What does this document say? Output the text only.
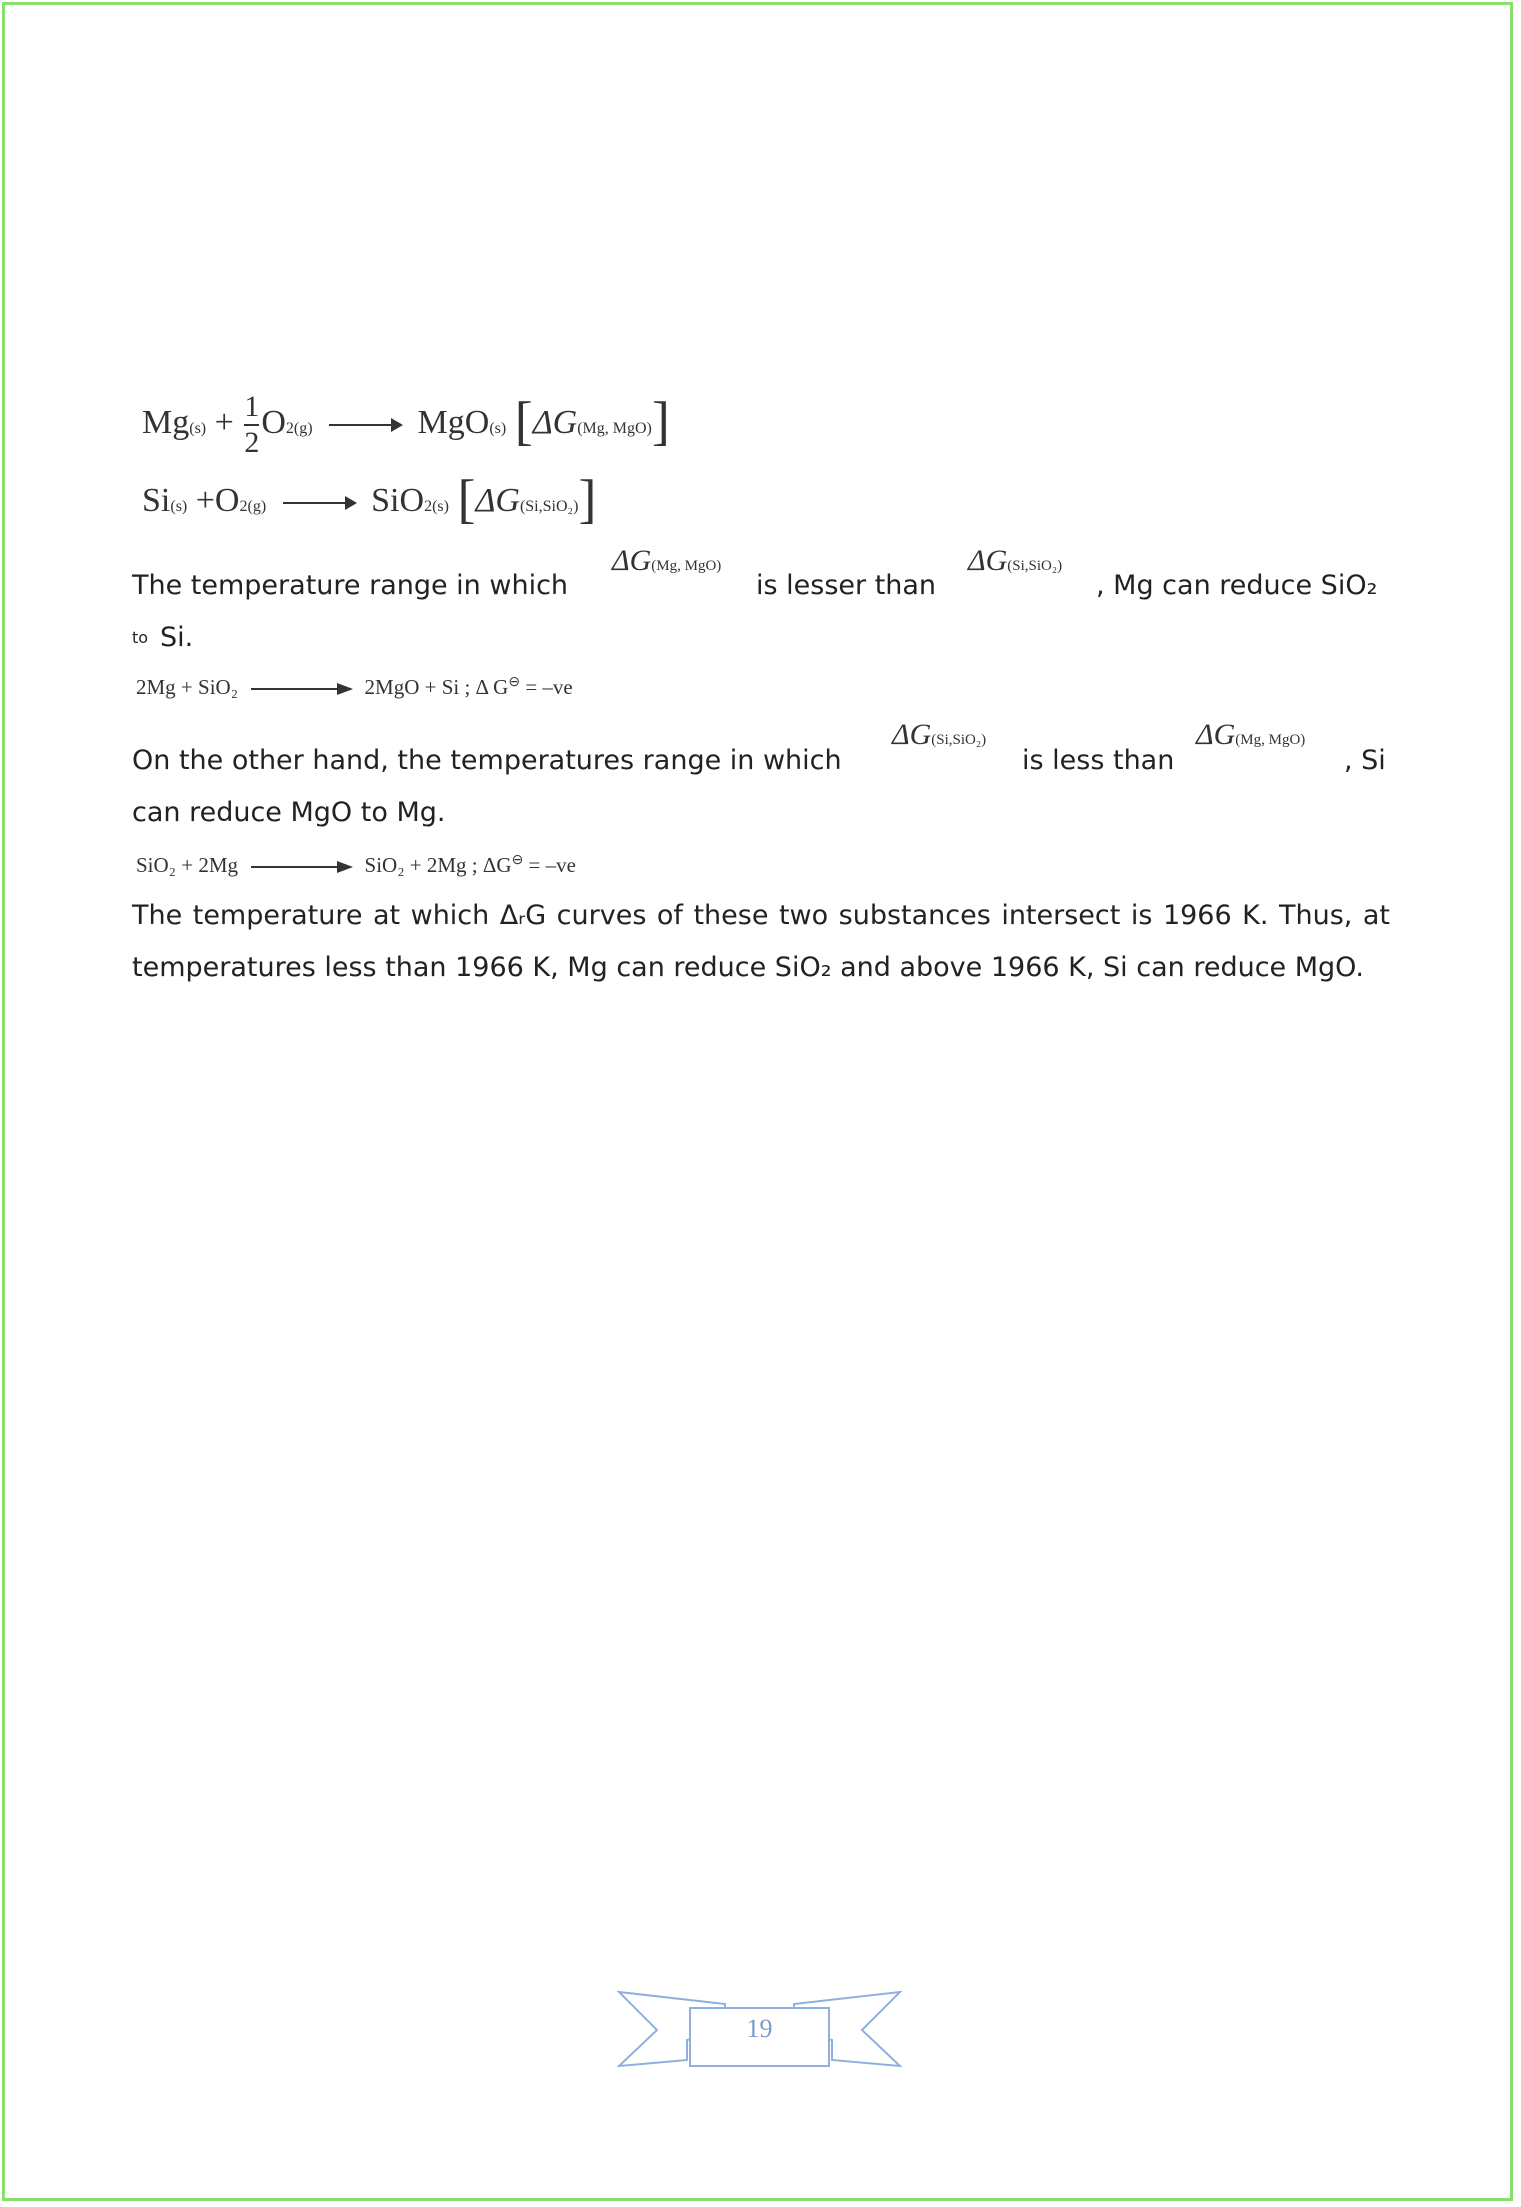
$Mg(s) + \frac{1}{2} O2(g)$	MgO(s) [ΔG(Mg, MgO)]
Si(s) +O2(g)	SiO2(s) [ΔG(Si,SiO₂)]
The temperature range in which
ΔG(Mg, MgO)
is lesser than
ΔG(Si,SiO₂)
, Mg can reduce SiO₂
to Si.
2Mg + SiO₂	2MgO + Si ; Δ G⊖ = –ve
On the other hand, the temperatures range in which
ΔG(Si,SiO₂)
is less than
ΔG(Mg, MgO)
, Si
can reduce MgO to Mg.
SiO₂ + 2Mg	SiO₂ + 2Mg ; ΔG⊖ = –ve
The temperature at which ΔᵣG curves of these two substances intersect is 1966 K. Thus, at temperatures less than 1966 K, Mg can reduce SiO₂ and above 1966 K, Si can reduce MgO.
19
